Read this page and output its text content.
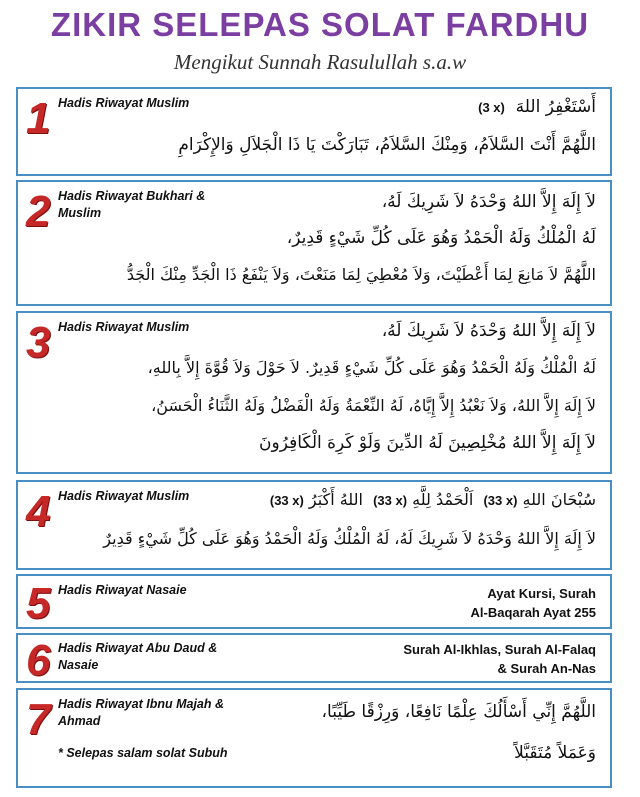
ZIKIR SELEPAS SOLAT FARDHU
Mengikut Sunnah Rasulullah s.a.w
1 Hadis Riwayat Muslim	أَسْتَغْفِرُ اللهَ  (3 x)
اللَّهُمَّ أَنْتَ السَّلاَمُ، وَمِنْكَ السَّلاَمُ، تَبَارَكْتَ يَا ذَا الْجَلاَلِ وَالإِكْرَامِ
2 Hadis Riwayat Bukhari & Muslim
لاَ إِلَهَ إِلاَّ اللهُ وَحْدَهُ لاَ شَرِيكَ لَهُ،
لَهُ الْمُلْكُ وَلَهُ الْحَمْدُ وَهُوَ عَلَى كُلِّ شَيْءٍ قَدِيرٌ،
اللَّهُمَّ لاَ مَانِعَ لِمَا أَعْطَيْتَ، وَلاَ مُعْطِيَ لِمَا مَنَعْتَ، وَلاَ يَنْفَعُ ذَا الْجَدِّ مِنْكَ الْجَدُّ
3 Hadis Riwayat Muslim	لاَ إِلَهَ إِلاَّ اللهُ وَحْدَهُ لاَ شَرِيكَ لَهُ،
لَهُ الْمُلْكُ وَلَهُ الْحَمْدُ وَهُوَ عَلَى كُلِّ شَيْءٍ قَدِيرٌ. لاَ حَوْلَ وَلاَ قُوَّةَ إِلاَّ بِاللهِ،
لاَ إِلَهَ إِلاَّ اللهُ، وَلاَ نَعْبُدُ إِلاَّ إِيَّاهُ، لَهُ النِّعْمَةُ وَلَهُ الْفَضْلُ وَلَهُ الثَّنَاءُ الْحَسَنُ،
لاَ إِلَهَ إِلاَّ اللهُ مُخْلِصِينَ لَهُ الدِّينَ وَلَوْ كَرِهَ الْكَافِرُونَ
4 Hadis Riwayat Muslim	سُبْحَانَ اللهِ (33 x)  اَلْحَمْدُ لِلَّهِ (33 x)  اللهُ أَكْبَرُ (33 x)
لاَ إِلَهَ إِلاَّ اللهُ وَحْدَهُ لاَ شَرِيكَ لَهُ، لَهُ الْمُلْكُ وَلَهُ الْحَمْدُ وَهُوَ عَلَى كُلِّ شَيْءٍ قَدِيرٌ
5 Hadis Riwayat Nasaie	Ayat Kursi, Surah
Al-Baqarah Ayat 255
6 Hadis Riwayat Abu Daud & Nasaie
Surah Al-Ikhlas, Surah Al-Falaq
& Surah An-Nas
7 Hadis Riwayat Ibnu Majah & Ahmad
* Selepas salam solat Subuh
اللَّهُمَّ إِنِّي أَسْأَلُكَ عِلْمًا نَافِعًا، وَرِزْقًا طَيِّبًا،
وَعَمَلاً مُتَقَبَّلاً
